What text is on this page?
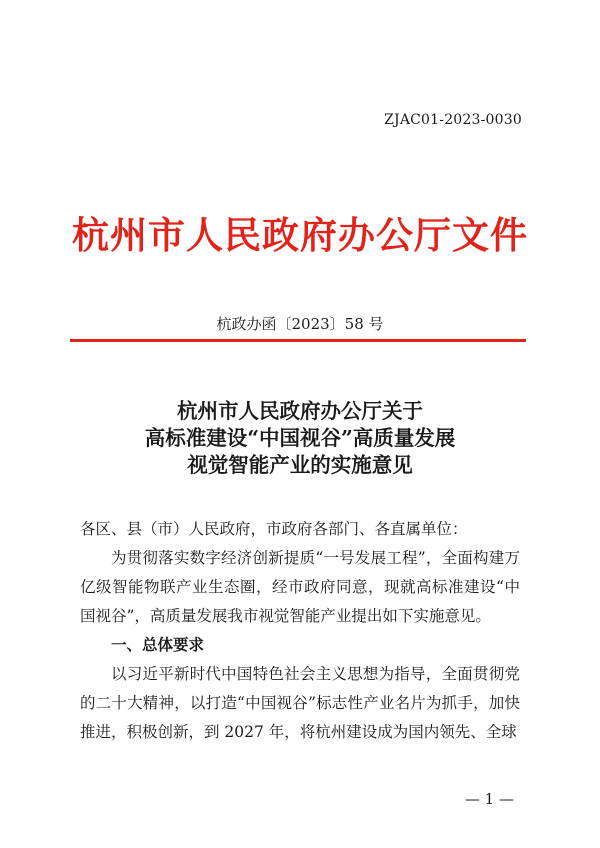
ZJAC01-2023-0030
杭州市人民政府办公厅文件
杭政办函〔2023〕58 号
杭州市人民政府办公厅关于
高标准建设“中国视谷”高质量发展
视觉智能产业的实施意见

各区、县（市）人民政府，市政府各部门、各直属单位：

为贯彻落实数字经济创新提质“一号发展工程”，全面构建万亿级智能物联产业生态圈，经市政府同意，现就高标准建设“中国视谷”，高质量发展我市视觉智能产业提出如下实施意见。

一、总体要求

以习近平新时代中国特色社会主义思想为指导，全面贯彻党的二十大精神，以打造“中国视谷”标志性产业名片为抓手，加快推进，积极创新，到 2027 年，将杭州建设成为国内领先、全球

— 1 —
